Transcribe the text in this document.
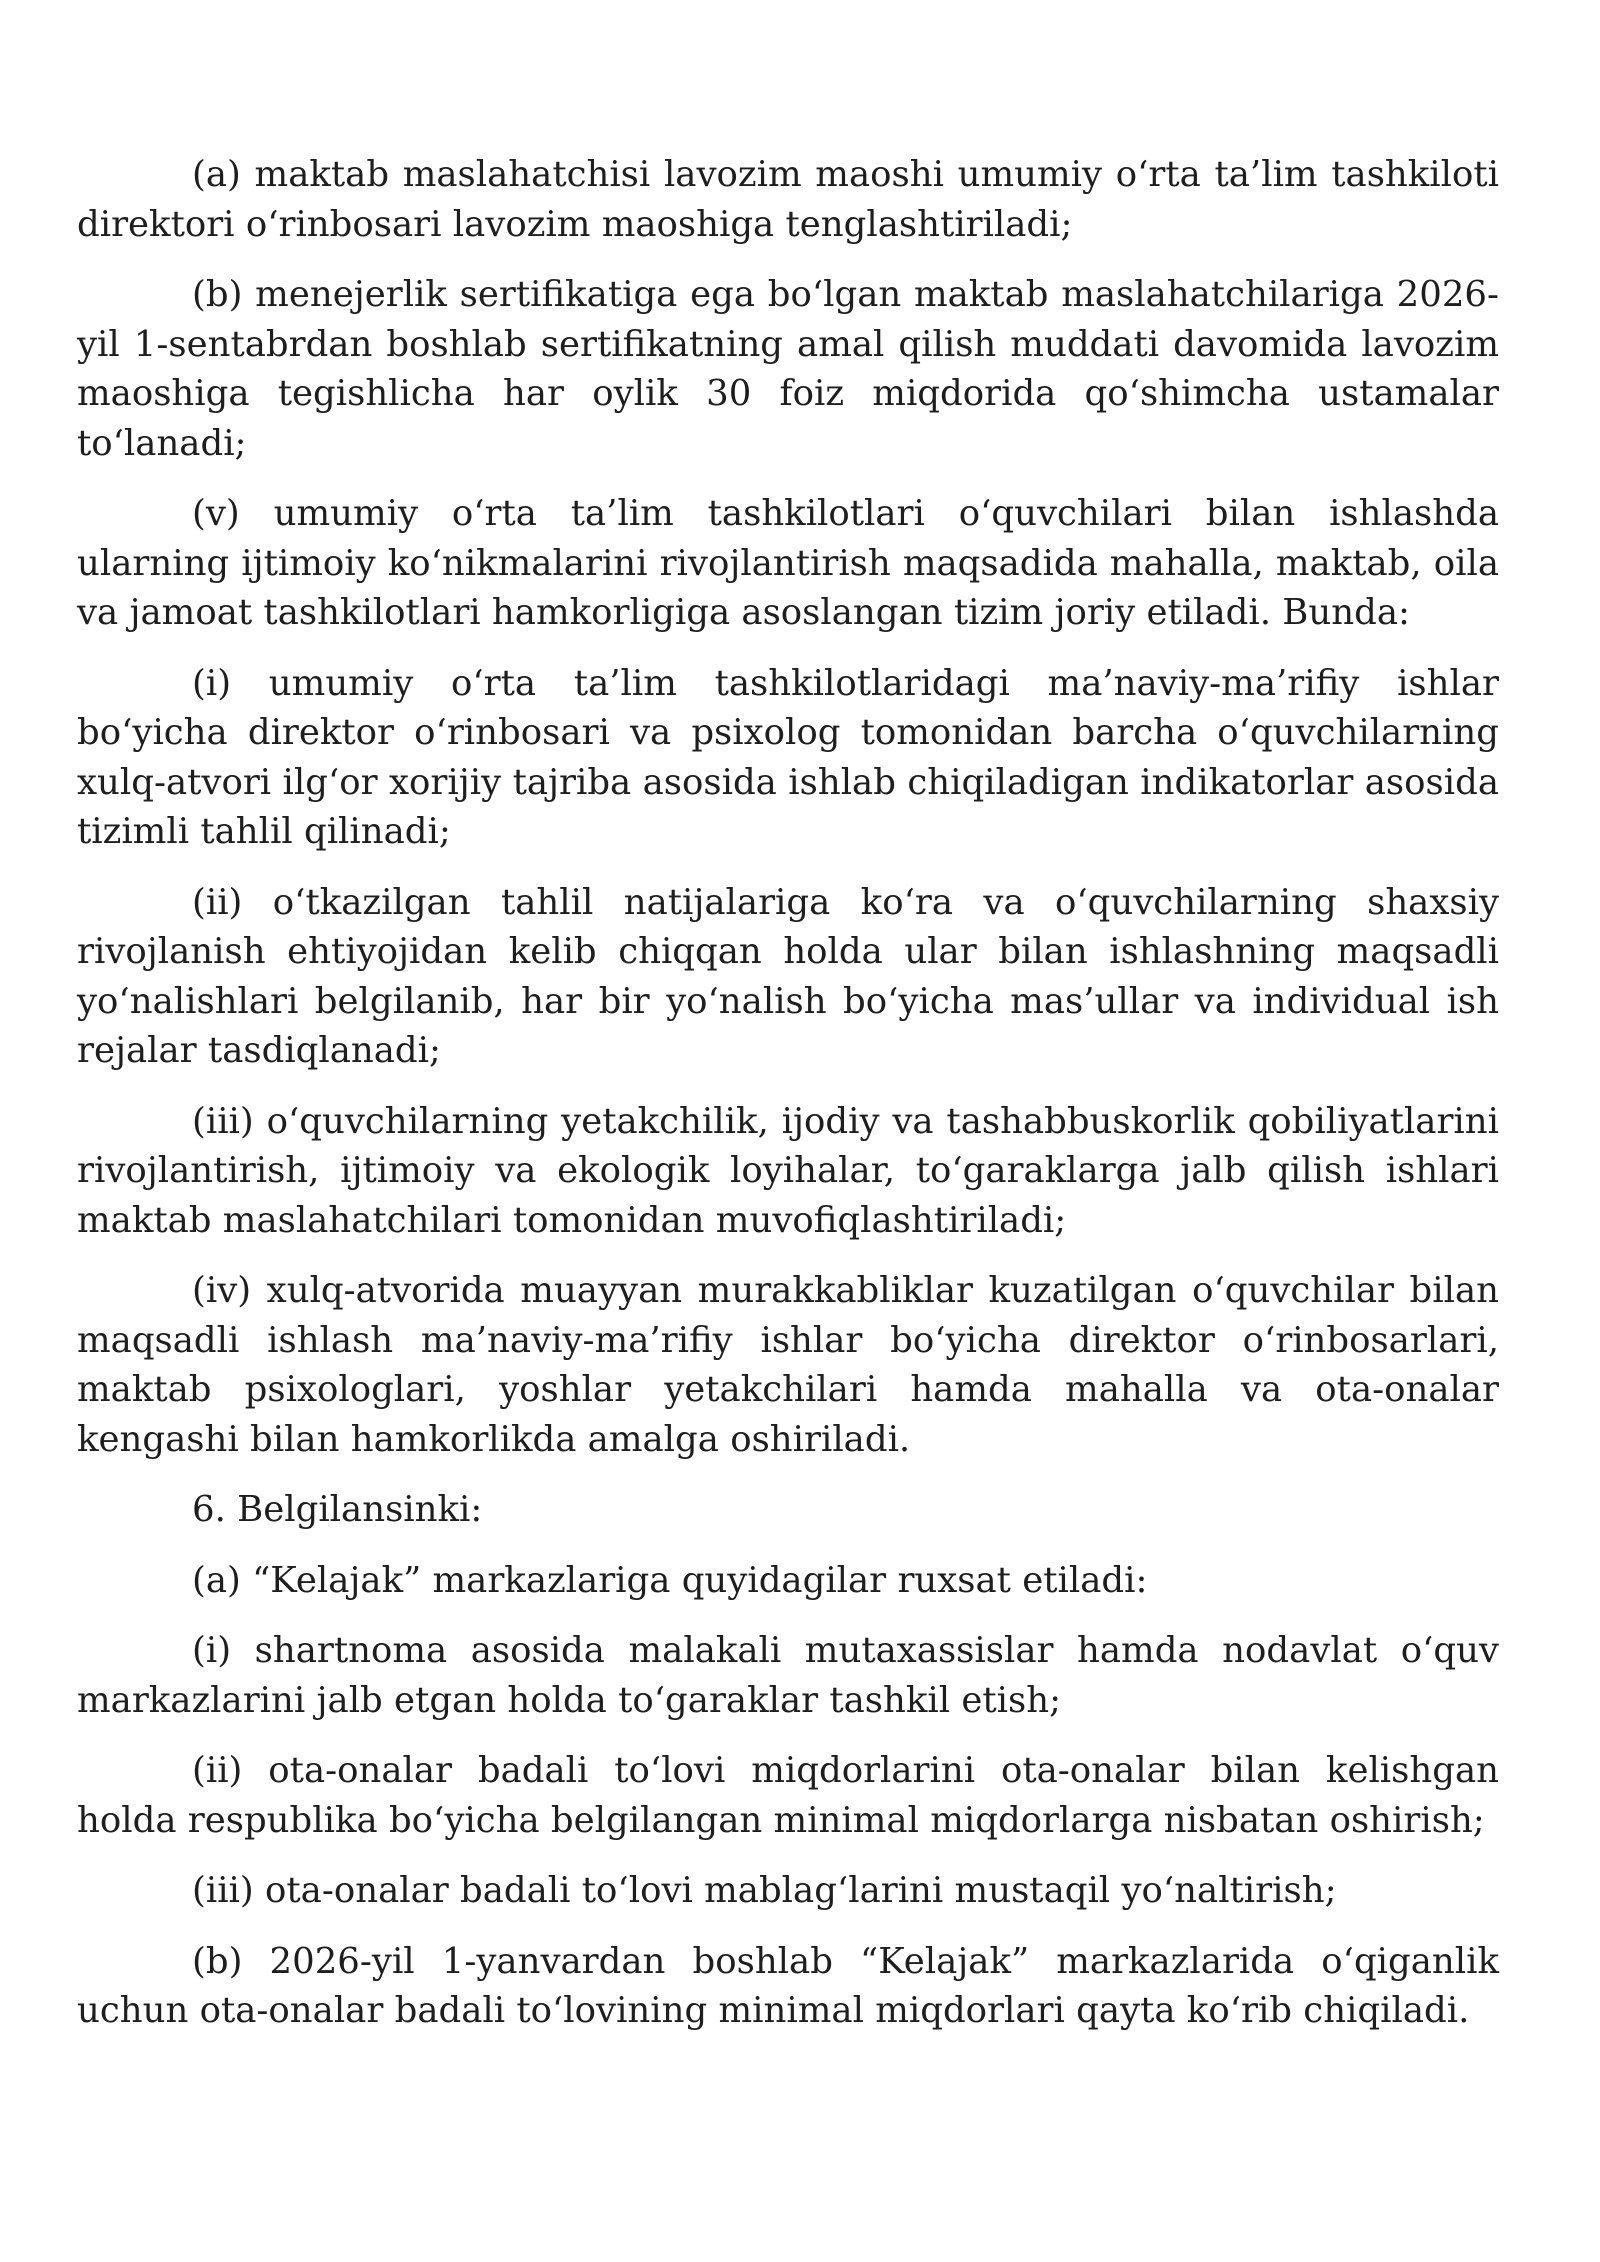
(a) maktab maslahatchisi lavozim maoshi umumiy o‘rta ta’lim tashkiloti direktori o‘rinbosari lavozim maoshiga tenglashtiriladi;

(b) menejerlik sertifikatiga ega bo‘lgan maktab maslahatchilariga 2026-yil 1-sentabrdan boshlab sertifikatning amal qilish muddati davomida lavozim maoshiga tegishlicha har oylik 30 foiz miqdorida qo‘shimcha ustamalar to‘lanadi;

(v) umumiy o‘rta ta’lim tashkilotlari o‘quvchilari bilan ishlashda ularning ijtimoiy ko‘nikmalarini rivojlantirish maqsadida mahalla, maktab, oila va jamoat tashkilotlari hamkorligiga asoslangan tizim joriy etiladi. Bunda:

(i) umumiy o‘rta ta’lim tashkilotlaridagi ma’naviy-ma’rifiy ishlar bo‘yicha direktor o‘rinbosari va psixolog tomonidan barcha o‘quvchilarning xulq-atvori ilg‘or xorijiy tajriba asosida ishlab chiqiladigan indikatorlar asosida tizimli tahlil qilinadi;

(ii) o‘tkazilgan tahlil natijalariga ko‘ra va o‘quvchilarning shaxsiy rivojlanish ehtiyojidan kelib chiqqan holda ular bilan ishlashning maqsadli yo‘nalishlari belgilanib, har bir yo‘nalish bo‘yicha mas’ullar va individual ish rejalar tasdiqlanadi;

(iii) o‘quvchilarning yetakchilik, ijodiy va tashabbuskorlik qobiliyatlarini rivojlantirish, ijtimoiy va ekologik loyihalar, to‘garaklarga jalb qilish ishlari maktab maslahatchilari tomonidan muvofiqlashtiriladi;

(iv) xulq-atvorida muayyan murakkabliklar kuzatilgan o‘quvchilar bilan maqsadli ishlash ma’naviy-ma’rifiy ishlar bo‘yicha direktor o‘rinbosarlari, maktab psixologlari, yoshlar yetakchilari hamda mahalla va ota-onalar kengashi bilan hamkorlikda amalga oshiriladi.

6. Belgilansinki:

(a) “Kelajak” markazlariga quyidagilar ruxsat etiladi:

(i) shartnoma asosida malakali mutaxassislar hamda nodavlat o‘quv markazlarini jalb etgan holda to‘garaklar tashkil etish;

(ii) ota-onalar badali to‘lovi miqdorlarini ota-onalar bilan kelishgan holda respublika bo‘yicha belgilangan minimal miqdorlarga nisbatan oshirish;

(iii) ota-onalar badali to‘lovi mablag‘larini mustaqil yo‘naltirish;

(b) 2026-yil 1-yanvardan boshlab “Kelajak” markazlarida o‘qiganlik uchun ota-onalar badali to‘lovining minimal miqdorlari qayta ko‘rib chiqiladi.
